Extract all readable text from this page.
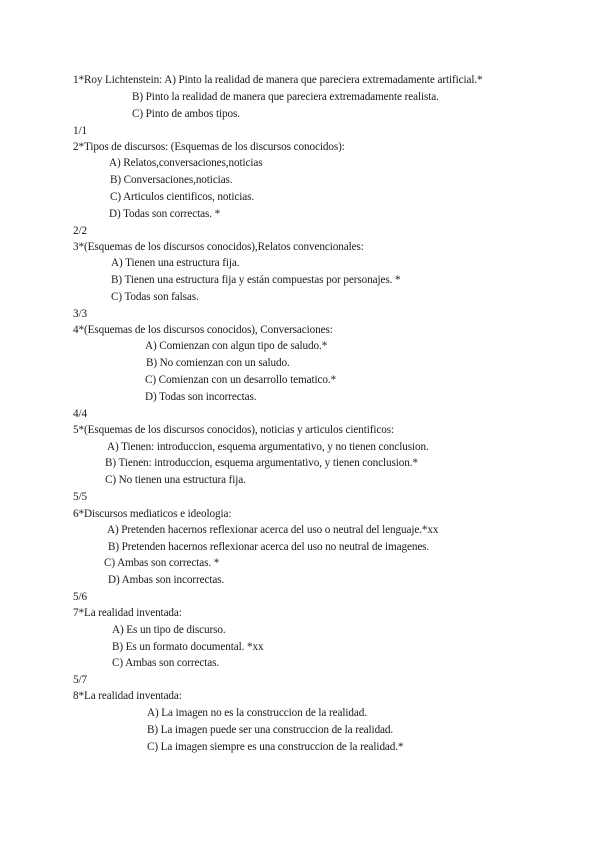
1*Roy Lichtenstein: A) Pinto la realidad de manera que pareciera extremadamente artificial.*
B) Pinto la realidad de manera que pareciera extremadamente realista.
C) Pinto de ambos tipos.
1/1
2*Tipos de discursos: (Esquemas de los discursos conocidos):
A) Relatos,conversaciones,noticias
B) Conversaciones,noticias.
C) Articulos cientificos, noticias.
D) Todas son correctas. *
2/2
3*(Esquemas de los discursos conocidos),Relatos convencionales:
A) Tienen una estructura fija.
B) Tienen una estructura fija y están compuestas por personajes. *
C) Todas son falsas.
3/3
4*(Esquemas de los discursos conocidos), Conversaciones:
A) Comienzan con algun tipo de saludo.*
B) No comienzan con un saludo.
C) Comienzan con un desarrollo tematico.*
D) Todas son incorrectas.
4/4
5*(Esquemas de los discursos conocidos), noticias y articulos cientificos:
A) Tienen: introduccion, esquema argumentativo, y no tienen conclusion.
B) Tienen: introduccion, esquema argumentativo, y tienen conclusion.*
C) No tienen una estructura fija.
5/5
6*Discursos mediaticos e ideologia:
A) Pretenden hacernos reflexionar acerca del uso o neutral del lenguaje.*xx
B) Pretenden hacernos reflexionar acerca del uso no neutral de imagenes.
C) Ambas son correctas. *
D) Ambas son incorrectas.
5/6
7*La realidad inventada:
A) Es un tipo de discurso.
B) Es un formato documental. *xx
C) Ambas son correctas.
5/7
8*La realidad inventada:
A) La imagen no es la construccion de la realidad.
B) La imagen puede ser una construccion de la realidad.
C) La imagen siempre es una construccion de la realidad.*
